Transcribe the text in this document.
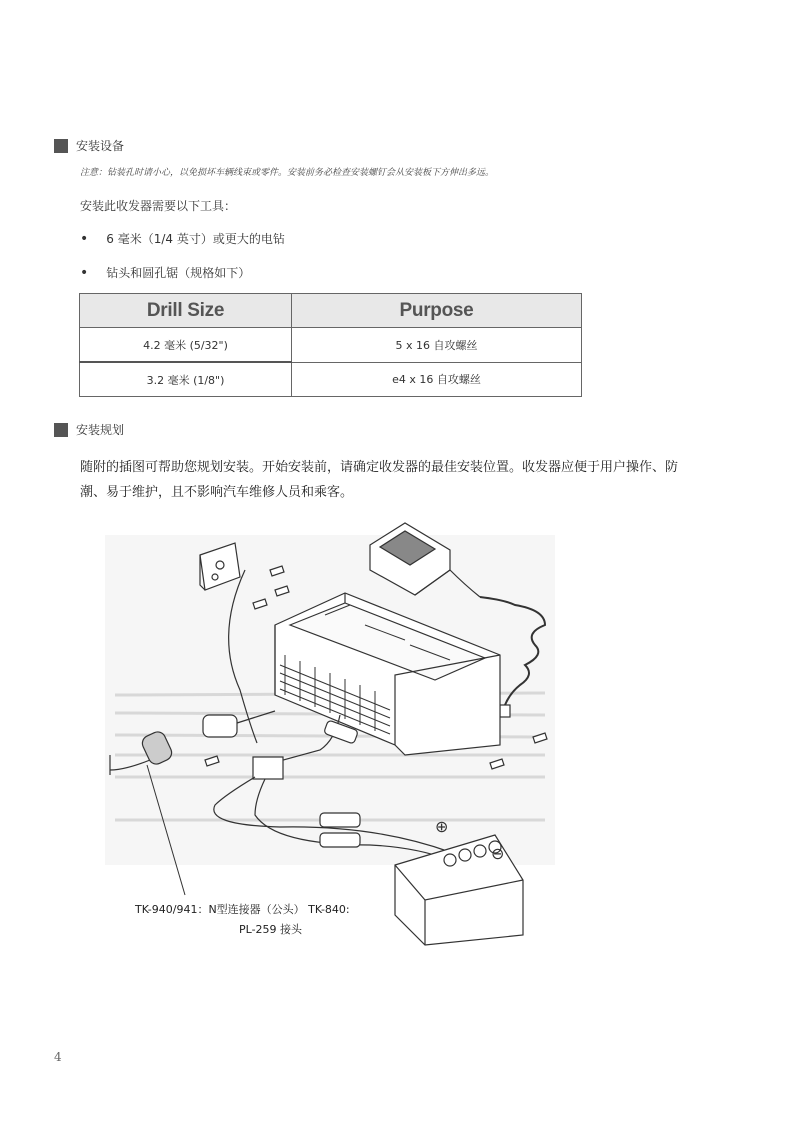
安装设备
注意：钻装孔时请小心，以免损坏车辆线束或零件。安装前务必检查安装螺钉会从安装板下方伸出多远。
安装此收发器需要以下工具：
• 6 毫米（1/4 英寸）或更大的电钻
• 钻头和圆孔锯（规格如下）
Drill Size	Purpose
4.2 毫米 (5/32")	5 x 16 自攻螺丝
3.2 毫米 (1/8")	e4 x 16 自攻螺丝
安装规划
随附的插图可帮助您规划安装。开始安装前，请确定收发器的最佳安装位置。收发器应便于用户操作、防
潮、易于维护，且不影响汽车维修人员和乘客。
⊕
⊖
TK-940/941：N型连接器（公头） TK-840:
PL-259 接头
4
